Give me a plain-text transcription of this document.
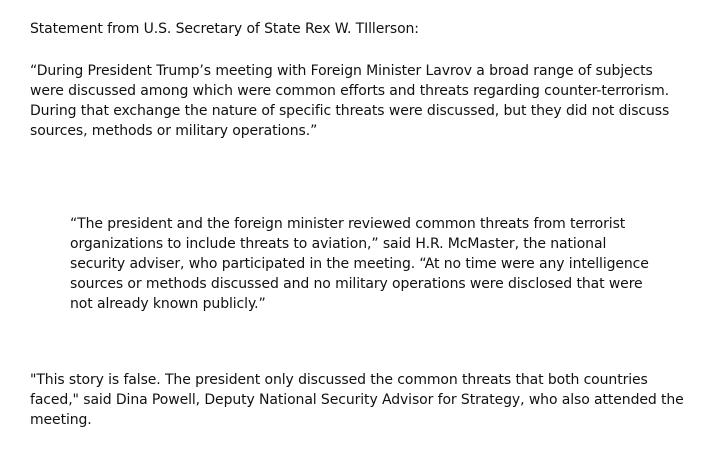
Statement from U.S. Secretary of State Rex W. TIllerson:

“During President Trump’s meeting with Foreign Minister Lavrov a broad range of subjects were discussed among which were common efforts and threats regarding counter-terrorism. During that exchange the nature of specific threats were discussed, but they did not discuss sources, methods or military operations.”

“The president and the foreign minister reviewed common threats from terrorist organizations to include threats to aviation,” said H.R. McMaster, the national security adviser, who participated in the meeting. “At no time were any intelligence sources or methods discussed and no military operations were disclosed that were not already known publicly.”

"This story is false. The president only discussed the common threats that both countries faced," said Dina Powell, Deputy National Security Advisor for Strategy, who also attended the meeting.
